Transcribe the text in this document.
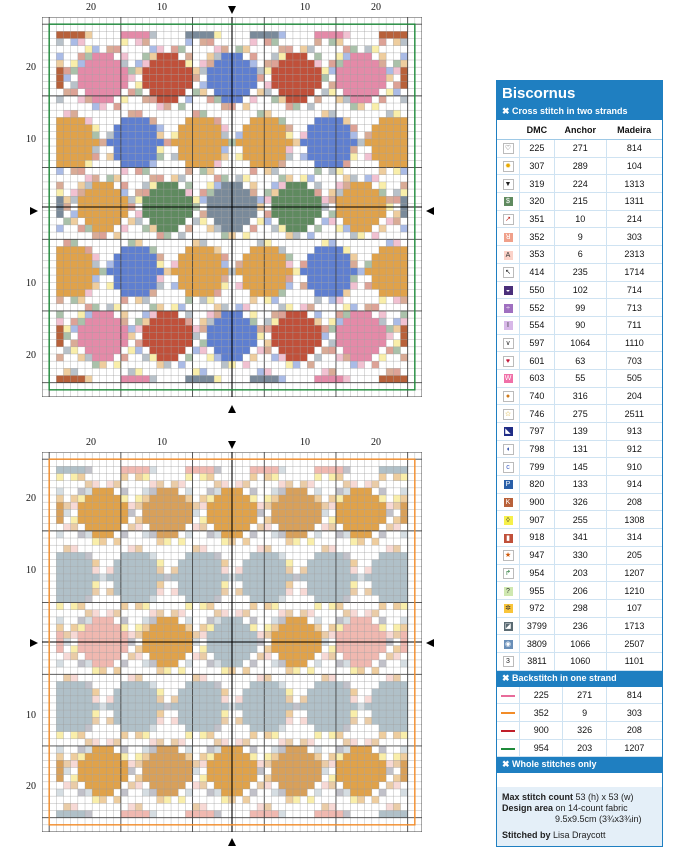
20	10	10	20
20
10
10
20
20	10	10	20
20
10
10
20
Biscornus
✖ Cross stitch in two strands
	DMC	Anchor	Madeira
♡	225	271	814
✹	307	289	104
▼	319	224	1313
$	320	215	1311
↗	351	10	214
ꓤ	352	9	303
A	353	6	2313
↖	414	235	1714
◒	550	102	714
÷	552	99	713
I	554	90	711
∨	597	1064	1110
♥	601	63	703
W	603	55	505
●	740	316	204
☆	746	275	2511
◣	797	139	913
◖	798	131	912
c	799	145	910
P	820	133	914
K	900	326	208
◊	907	255	1308
▮	918	341	314
★	947	330	205
↱	954	203	1207
?	955	206	1210
✲	972	298	107
◪	3799	236	1713
◉	3809	1066	2507
3	3811	1060	1101
✖ Backstitch in one strand
	225	271	814
	352	9	303
	900	326	208
	954	203	1207
✖ Whole stitches only
Max stitch count 53 (h) x 53 (w)
Design area on 14-count fabric
9.5x9.5cm (3¾x3¾in)
Stitched by Lisa Draycott
